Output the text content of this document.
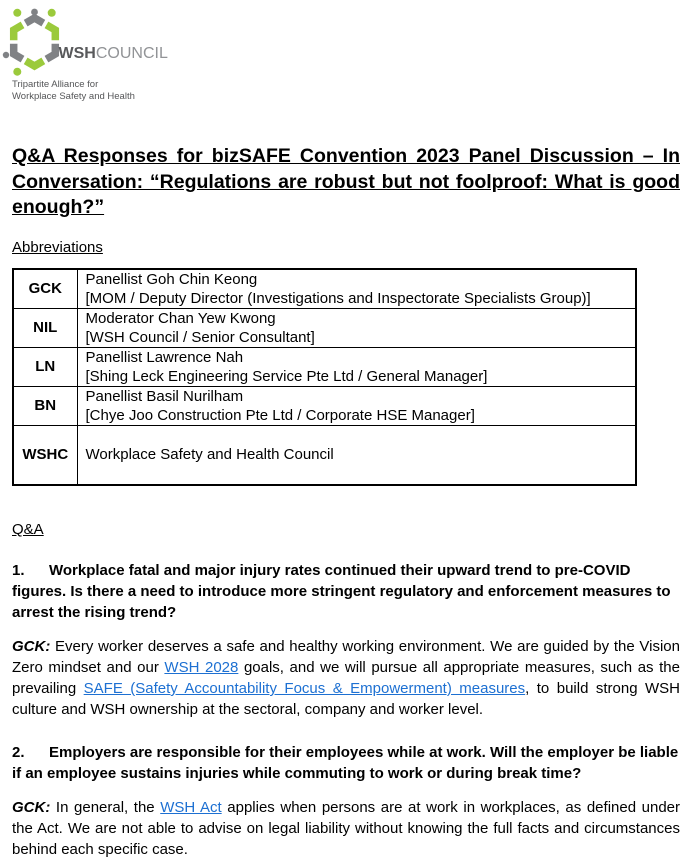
WSHCOUNCIL
Tripartite Alliance for
Workplace Safety and Health
Q&A Responses for bizSAFE Convention 2023 Panel Discussion – In Conversation: “Regulations are robust but not foolproof: What is good enough?”
Abbreviations
GCK	Panellist Goh Chin Keong
[MOM / Deputy Director (Investigations and Inspectorate Specialists Group)]

NIL	Moderator Chan Yew Kwong
[WSH Council / Senior Consultant]

LN	Panellist Lawrence Nah
[Shing Leck Engineering Service Pte Ltd / General Manager]

BN	Panellist Basil Nurilham
[Chye Joo Construction Pte Ltd / Corporate HSE Manager]

WSHC	Workplace Safety and Health Council
Q&A
1. Workplace fatal and major injury rates continued their upward trend to pre-COVID figures. Is there a need to introduce more stringent regulatory and enforcement measures to arrest the rising trend?
GCK: Every worker deserves a safe and healthy working environment. We are guided by the Vision Zero mindset and our WSH 2028 goals, and we will pursue all appropriate measures, such as the prevailing SAFE (Safety Accountability Focus & Empowerment) measures, to build strong WSH culture and WSH ownership at the sectoral, company and worker level.
2. Employers are responsible for their employees while at work. Will the employer be liable if an employee sustains injuries while commuting to work or during break time?
GCK: In general, the WSH Act applies when persons are at work in workplaces, as defined under the Act. We are not able to advise on legal liability without knowing the full facts and circumstances behind each specific case.
